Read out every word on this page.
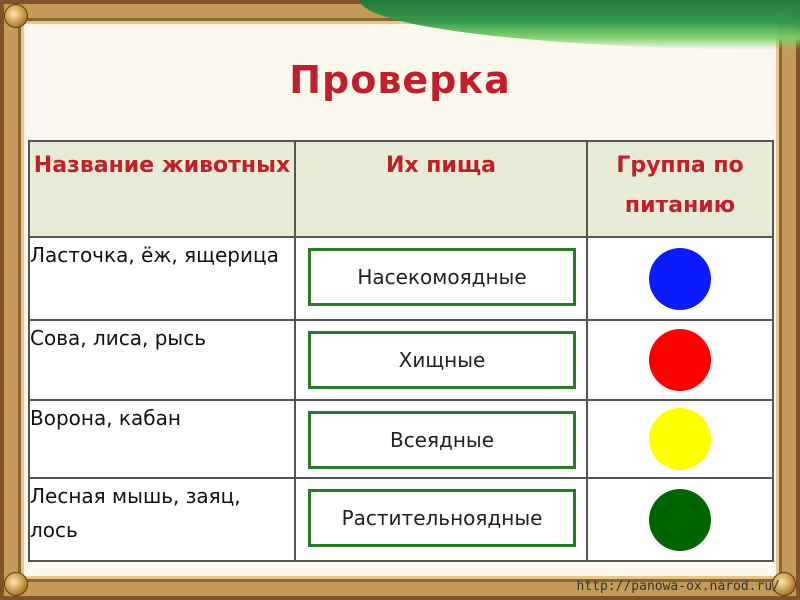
Проверка
Название животных	Их пища	Группа по питанию
Ласточка, ёж, ящерица	Насекомоядные	

Сова, лиса, рысь	Хищные	

Ворона, кабан	Всеядные	

Лесная мышь, заяц, лось	Растительноядные	

http://panowa-ox.narod.ru/
